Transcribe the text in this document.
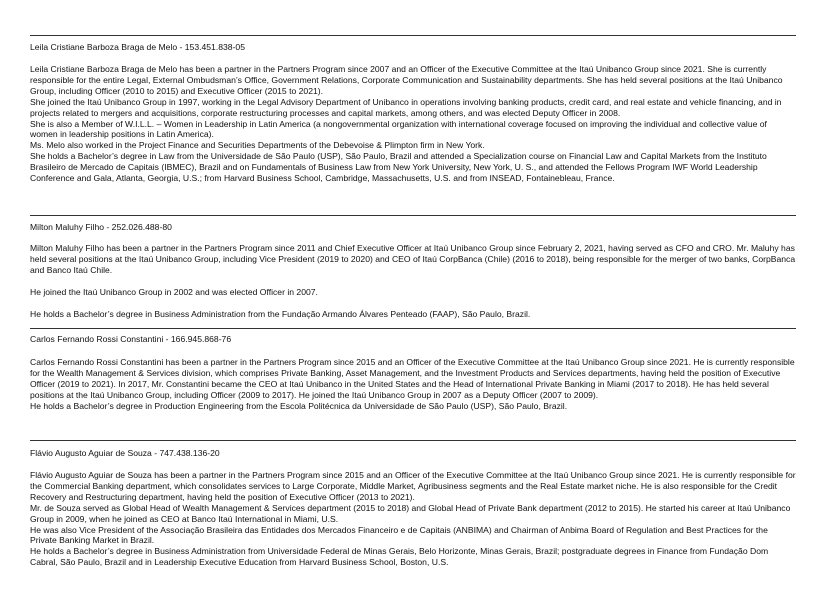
Leila Cristiane Barboza Braga de Melo - 153.451.838-05

Leila Cristiane Barboza Braga de Melo has been a partner in the Partners Program since 2007 and an Officer of the Executive Committee at the Itaú Unibanco Group since 2021. She is currently responsible for the entire Legal, External Ombudsman’s Office, Government Relations, Corporate Communication and Sustainability departments. She has held several positions at the Itaú Unibanco Group, including Officer (2010 to 2015) and Executive Officer (2015 to 2021).

She joined the Itaú Unibanco Group in 1997, working in the Legal Advisory Department of Unibanco in operations involving banking products, credit card, and real estate and vehicle financing, and in projects related to mergers and acquisitions, corporate restructuring processes and capital markets, among others, and was elected Deputy Officer in 2008.

She is also a Member of W.I.L.L. – Women in Leadership in Latin America (a nongovernmental organization with international coverage focused on improving the individual and collective value of women in leadership positions in Latin America).

Ms. Melo also worked in the Project Finance and Securities Departments of the Debevoise & Plimpton firm in New York.

She holds a Bachelor’s degree in Law from the Universidade de São Paulo (USP), São Paulo, Brazil and attended a Specialization course on Financial Law and Capital Markets from the Instituto Brasileiro de Mercado de Capitais (IBMEC), Brazil and on Fundamentals of Business Law from New York University, New York, U. S., and attended the Fellows Program IWF World Leadership Conference and Gala, Atlanta, Georgia, U.S.; from Harvard Business School, Cambridge, Massachusetts, U.S. and from INSEAD, Fontainebleau, France.

Milton Maluhy Filho - 252.026.488-80

Milton Maluhy Filho has been a partner in the Partners Program since 2011 and Chief Executive Officer at Itaú Unibanco Group since February 2, 2021, having served as CFO and CRO. Mr. Maluhy has held several positions at the Itaú Unibanco Group, including Vice President (2019 to 2020) and CEO of Itaú CorpBanca (Chile) (2016 to 2018), being responsible for the merger of two banks, CorpBanca and Banco Itaú Chile.

He joined the Itaú Unibanco Group in 2002 and was elected Officer in 2007.

He holds a Bachelor’s degree in Business Administration from the Fundação Armando Álvares Penteado (FAAP), São Paulo, Brazil.

Carlos Fernando Rossi Constantini - 166.945.868-76

Carlos Fernando Rossi Constantini has been a partner in the Partners Program since 2015 and an Officer of the Executive Committee at the Itaú Unibanco Group since 2021. He is currently responsible for the Wealth Management & Services division, which comprises Private Banking, Asset Management, and the Investment Products and Services departments, having held the position of Executive Officer (2019 to 2021). In 2017, Mr. Constantini became the CEO at Itaú Unibanco in the United States and the Head of International Private Banking in Miami (2017 to 2018). He has held several positions at the Itaú Unibanco Group, including Officer (2009 to 2017). He joined the Itaú Unibanco Group in 2007 as a Deputy Officer (2007 to 2009).

He holds a Bachelor’s degree in Production Engineering from the Escola Politécnica da Universidade de São Paulo (USP), São Paulo, Brazil.

Flávio Augusto Aguiar de Souza - 747.438.136-20

Flávio Augusto Aguiar de Souza has been a partner in the Partners Program since 2015 and an Officer of the Executive Committee at the Itaú Unibanco Group since 2021. He is currently responsible for the Commercial Banking department, which consolidates services to Large Corporate, Middle Market, Agribusiness segments and the Real Estate market niche. He is also responsible for the Credit Recovery and Restructuring department, having held the position of Executive Officer (2013 to 2021).

Mr. de Souza served as Global Head of Wealth Management & Services department (2015 to 2018) and Global Head of Private Bank department (2012 to 2015). He started his career at Itaú Unibanco Group in 2009, when he joined as CEO at Banco Itaú International in Miami, U.S.

He was also Vice President of the Associação Brasileira das Entidades dos Mercados Financeiro e de Capitais (ANBIMA) and Chairman of Anbima Board of Regulation and Best Practices for the Private Banking Market in Brazil.

He holds a Bachelor’s degree in Business Administration from Universidade Federal de Minas Gerais, Belo Horizonte, Minas Gerais, Brazil; postgraduate degrees in Finance from Fundação Dom Cabral, São Paulo, Brazil and in Leadership Executive Education from Harvard Business School, Boston, U.S.
